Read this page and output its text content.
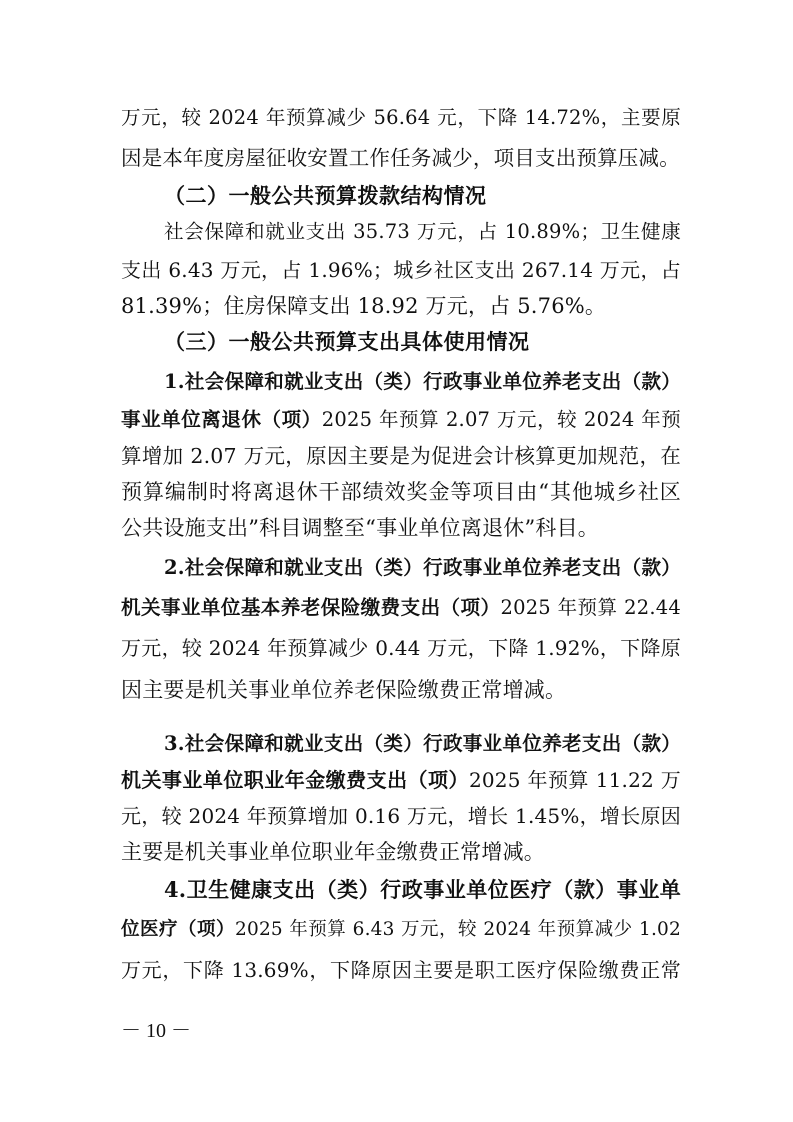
万元，较 2024 年预算减少 56.64 元，下降 14.72%，主要原
因是本年度房屋征收安置工作任务减少，项目支出预算压减。
（二）一般公共预算拨款结构情况
社会保障和就业支出 35.73 万元，占 10.89%；卫生健康
支出 6.43 万元，占 1.96%；城乡社区支出 267.14 万元，占
81.39%；住房保障支出 18.92 万元，占 5.76%。
（三）一般公共预算支出具体使用情况
1.社会保障和就业支出（类）行政事业单位养老支出（款）
事业单位离退休（项）2025 年预算 2.07 万元，较 2024 年预
算增加 2.07 万元，原因主要是为促进会计核算更加规范，在
预算编制时将离退休干部绩效奖金等项目由“其他城乡社区
公共设施支出”科目调整至“事业单位离退休”科目。
2.社会保障和就业支出（类）行政事业单位养老支出（款）
机关事业单位基本养老保险缴费支出（项）2025 年预算 22.44
万元，较 2024 年预算减少 0.44 万元，下降 1.92%，下降原
因主要是机关事业单位养老保险缴费正常增减。
3.社会保障和就业支出（类）行政事业单位养老支出（款）
机关事业单位职业年金缴费支出（项）2025 年预算 11.22 万
元，较 2024 年预算增加 0.16 万元，增长 1.45%，增长原因
主要是机关事业单位职业年金缴费正常增减。
4.卫生健康支出（类）行政事业单位医疗（款）事业单
位医疗（项）2025 年预算 6.43 万元，较 2024 年预算减少 1.02
万元，下降 13.69%，下降原因主要是职工医疗保险缴费正常
－ 10 －
